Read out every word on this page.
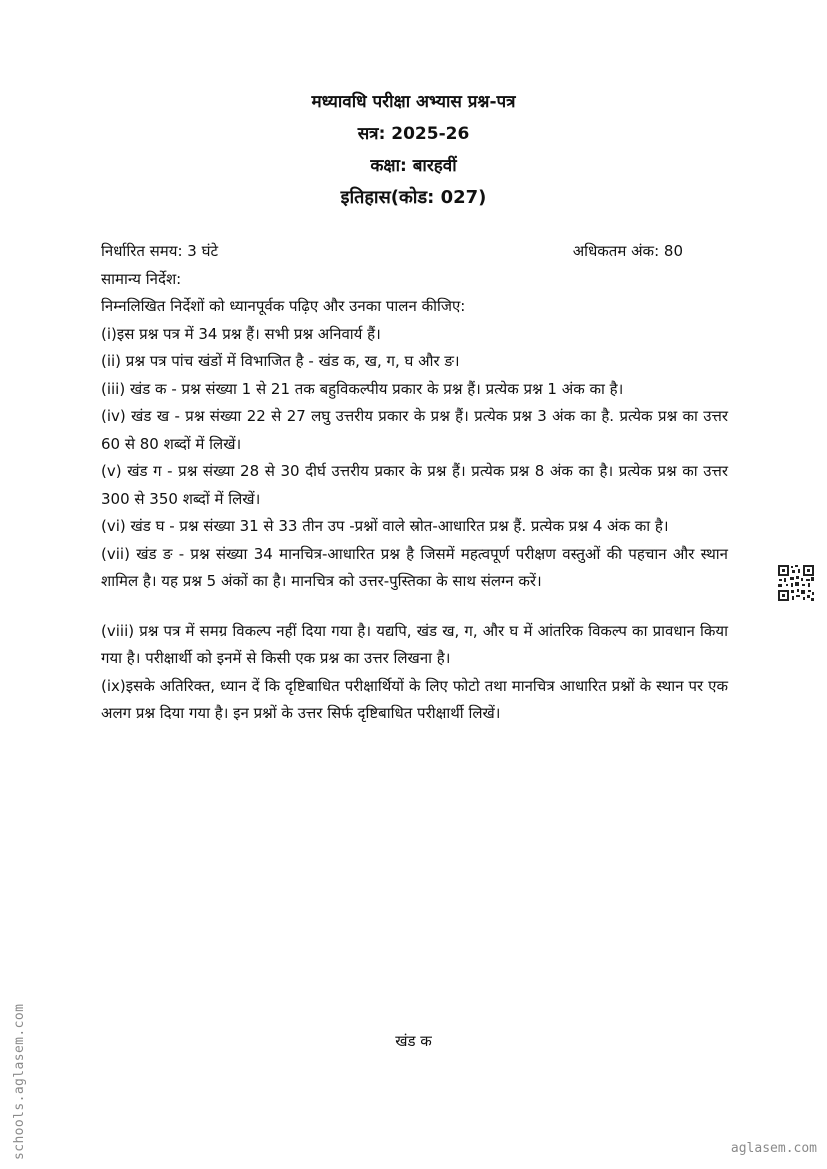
मध्यावधि परीक्षा अभ्यास प्रश्न-पत्र
सत्र: 2025-26
कक्षा: बारहवीं
इतिहास(कोड: 027)
निर्धारित समय: 3 घंटे	अधिकतम अंक: 80
सामान्य निर्देश:
निम्नलिखित निर्देशों को ध्यानपूर्वक पढ़िए और उनका पालन कीजिए:
(i)इस प्रश्न पत्र में 34 प्रश्न हैं। सभी प्रश्न अनिवार्य हैं।
(ii) प्रश्न पत्र पांच खंडों में विभाजित है - खंड क, ख, ग, घ और ङ।
(iii) खंड क - प्रश्न संख्या 1 से 21 तक बहुविकल्पीय प्रकार के प्रश्न हैं। प्रत्येक प्रश्न 1 अंक का है।
(iv) खंड ख - प्रश्न संख्या 22 से 27 लघु उत्तरीय प्रकार के प्रश्न हैं। प्रत्येक प्रश्न 3 अंक का है. प्रत्येक प्रश्न का उत्तर 60 से 80 शब्दों में लिखें।
(v) खंड ग - प्रश्न संख्या 28 से 30 दीर्घ उत्तरीय प्रकार के प्रश्न हैं। प्रत्येक प्रश्न 8 अंक का है। प्रत्येक प्रश्न का उत्तर 300 से 350 शब्दों में लिखें।
(vi) खंड घ - प्रश्न संख्या 31 से 33 तीन उप -प्रश्नों वाले स्रोत-आधारित प्रश्न हैं. प्रत्येक प्रश्न 4 अंक का है।
(vii) खंड ङ - प्रश्न संख्या 34 मानचित्र-आधारित प्रश्न है जिसमें महत्वपूर्ण परीक्षण वस्तुओं की पहचान और स्थान शामिल है। यह प्रश्न 5 अंकों का है। मानचित्र को उत्तर-पुस्तिका के साथ संलग्न करें।
(viii) प्रश्न पत्र में समग्र विकल्प नहीं दिया गया है। यद्यपि, खंड ख, ग, और घ में आंतरिक विकल्प का प्रावधान किया गया है। परीक्षार्थी को इनमें से किसी एक प्रश्न का उत्तर लिखना है।
(ix)इसके अतिरिक्त, ध्यान दें कि दृष्टिबाधित परीक्षार्थियों के लिए फोटो तथा मानचित्र आधारित प्रश्नों के स्थान पर एक अलग प्रश्न दिया गया है। इन प्रश्नों के उत्तर सिर्फ दृष्टिबाधित परीक्षार्थी लिखें।
खंड क
schools.aglasem.com	aglasem.com
